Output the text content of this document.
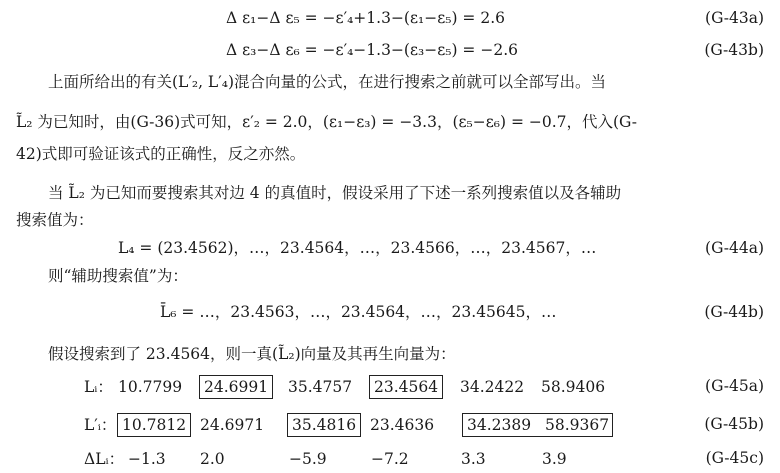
Δ ε₁−Δ ε₅ = −ε′₄+1.3−(ε₁−ε₅) = 2.6	(G-43a)
Δ ε₃−Δ ε₆ = −ε′₄−1.3−(ε₃−ε₅) = −2.6	(G-43b)
上面所给出的有关(L′₂, L′₄)混合向量的公式，在进行搜索之前就可以全部写出。当
L̃₂ 为已知时，由(G-36)式可知，ε′₂ = 2.0，(ε₁−ε₃) = −3.3，(ε₅−ε₆) = −0.7，代入(G-
42)式即可验证该式的正确性，反之亦然。
当 L̃₂ 为已知而要搜索其对边 4 的真值时，假设采用了下述一系列搜索值以及各辅助
搜索值为：
L₄ = (23.4562)，…，23.4564，…，23.4566，…，23.4567，…	(G-44a)
则“辅助搜索值”为：
L̄₆ = …，23.4563，…，23.4564，…，23.45645，…	(G-44b)
假设搜索到了 23.4564，则一真(L̃₂)向量及其再生向量为：
Lᵢ： 10.7799	24.6991	35.4757	23.4564	34.2422 58.9406	(G-45a)
L′ᵢ： 10.7812 24.6971	35.4816 23.4636 34.2389 58.9367	(G-45b)
ΔLᵢ： −1.3 2.0	−5.9	−7.2	3.3	3.9	(G-45c)
